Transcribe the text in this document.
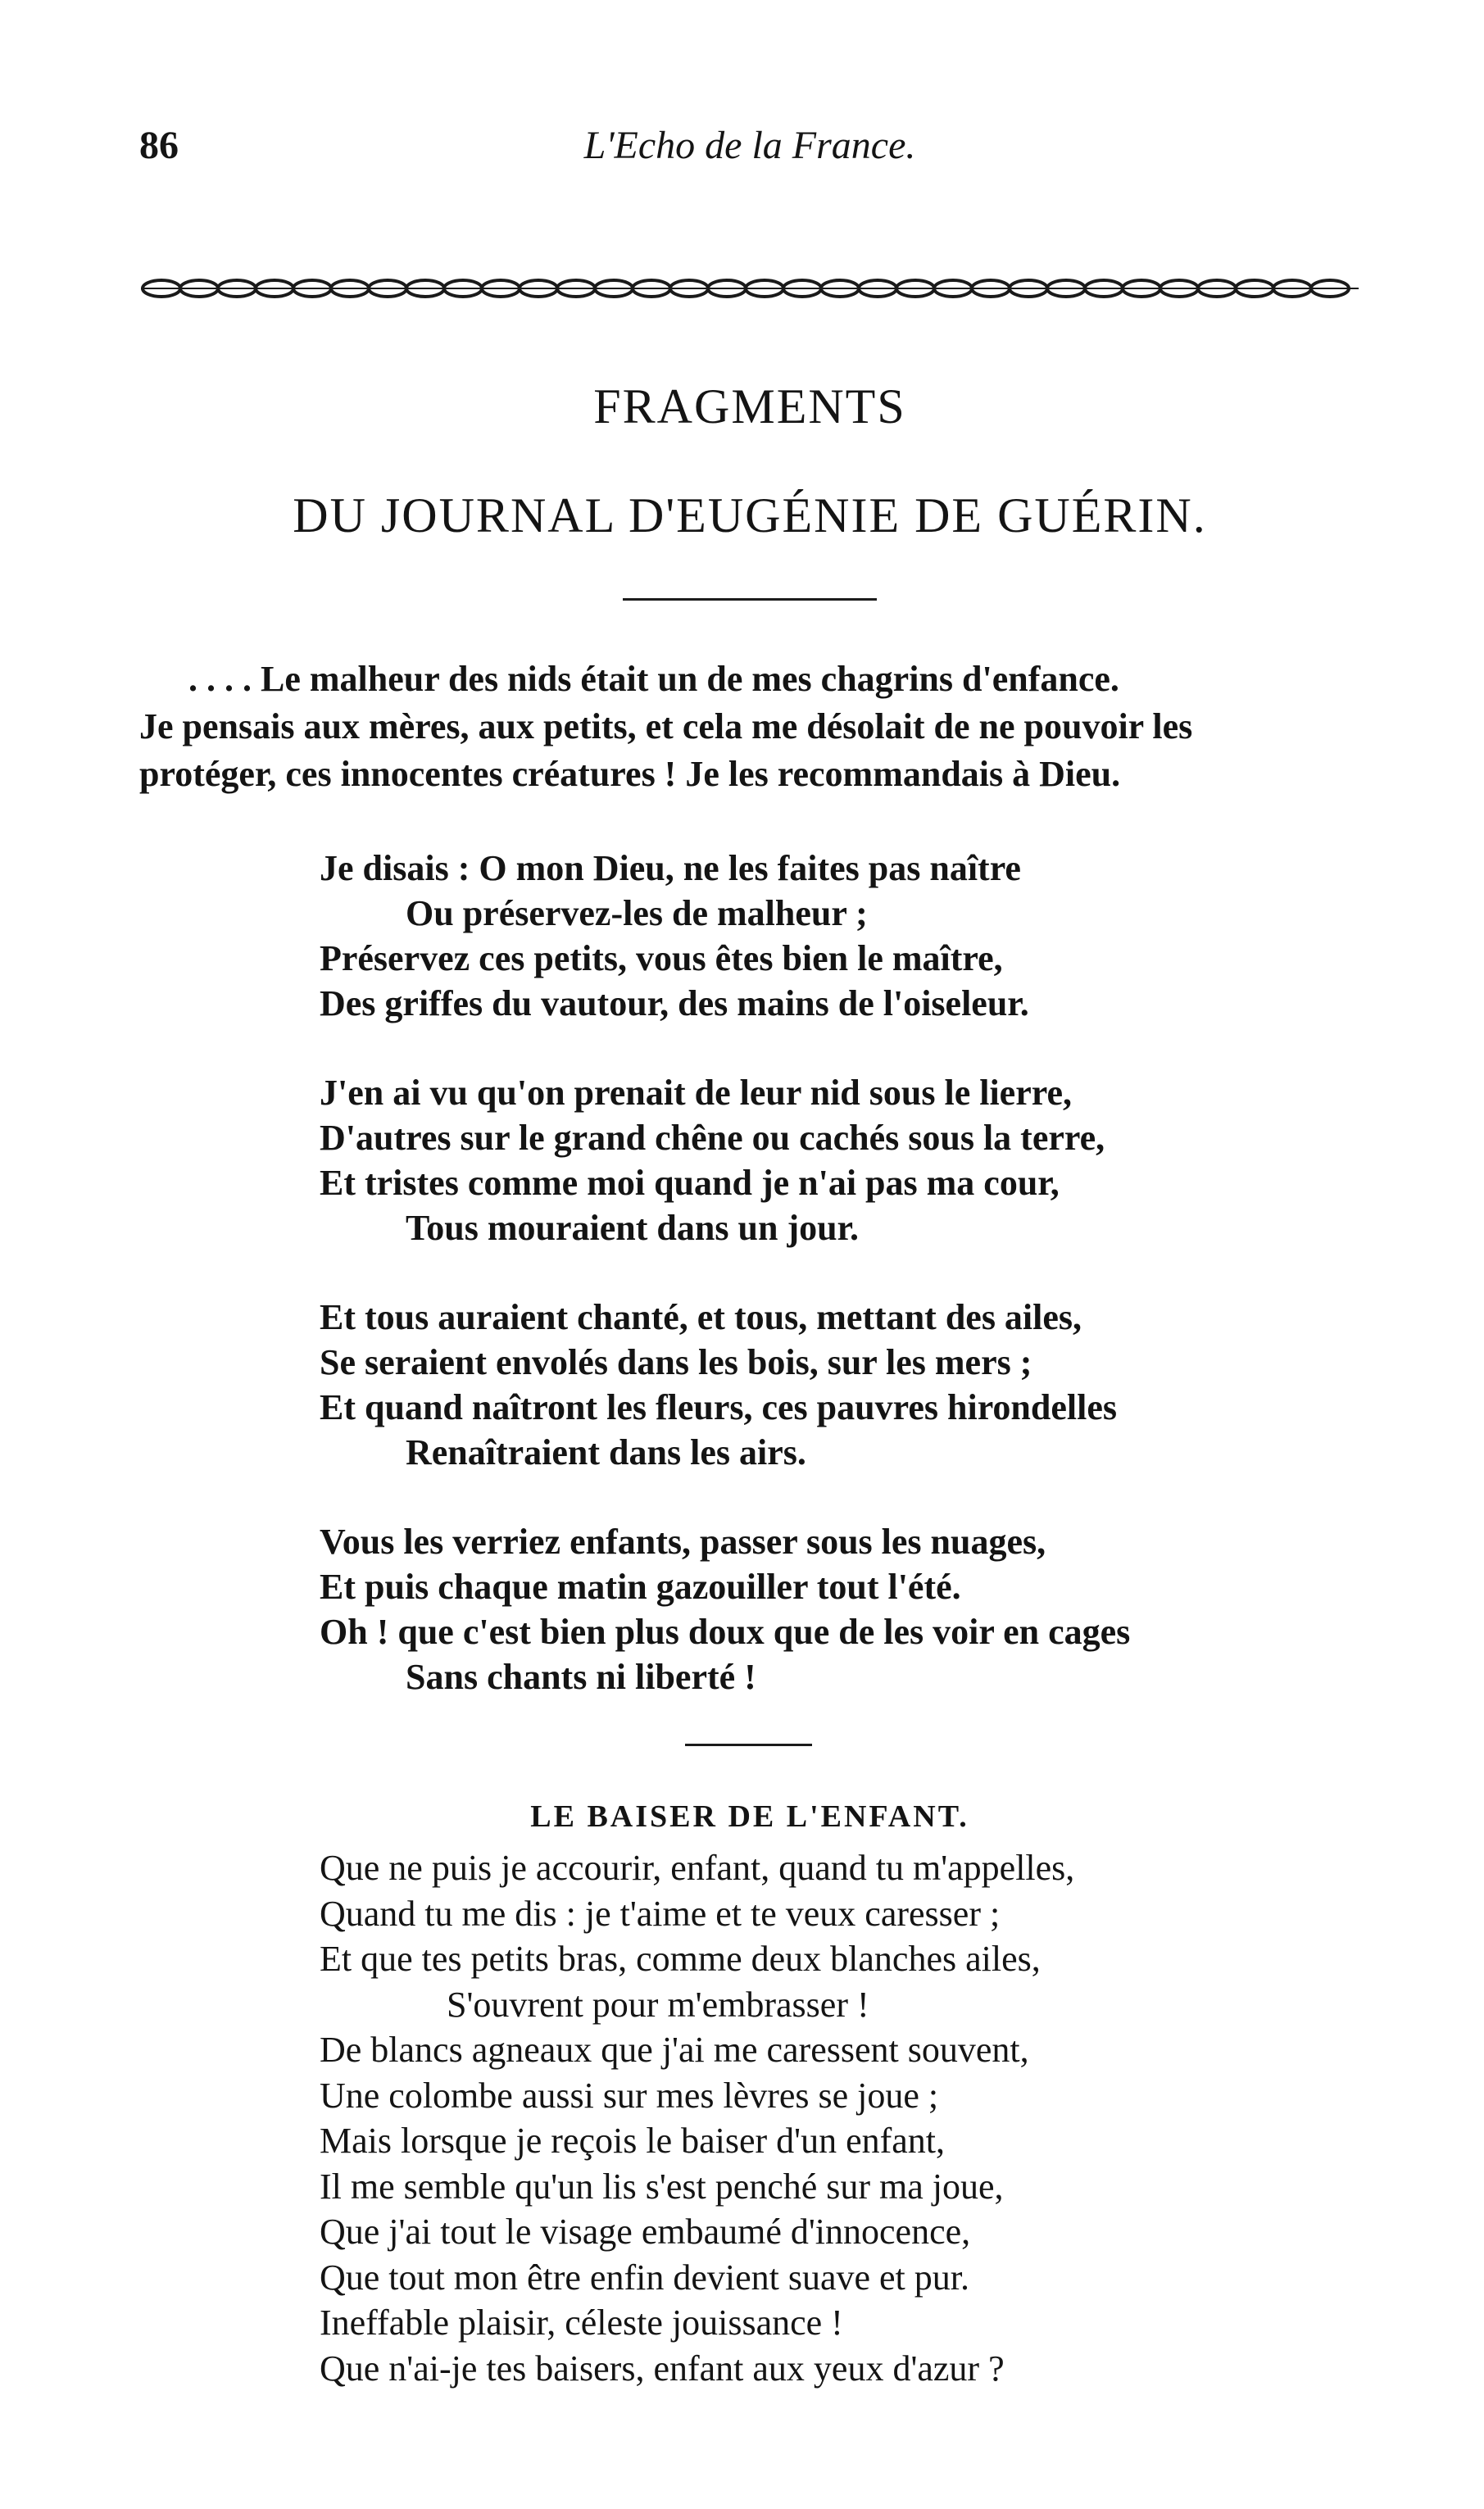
86	L'Echo de la France.
FRAGMENTS
DU JOURNAL D'EUGÉNIE DE GUÉRIN.
. . . . Le malheur des nids était un de mes chagrins d'enfance.
Je pensais aux mères, aux petits, et cela me désolait de ne pouvoir les
protéger, ces innocentes créatures ! Je les recommandais à Dieu.
Je disais : O mon Dieu, ne les faites pas naître
Ou préservez-les de malheur ;
Préservez ces petits, vous êtes bien le maître,
Des griffes du vautour, des mains de l'oiseleur.
J'en ai vu qu'on prenait de leur nid sous le lierre,
D'autres sur le grand chêne ou cachés sous la terre,
Et tristes comme moi quand je n'ai pas ma cour,
Tous mouraient dans un jour.
Et tous auraient chanté, et tous, mettant des ailes,
Se seraient envolés dans les bois, sur les mers ;
Et quand naîtront les fleurs, ces pauvres hirondelles
Renaîtraient dans les airs.
Vous les verriez enfants, passer sous les nuages,
Et puis chaque matin gazouiller tout l'été.
Oh ! que c'est bien plus doux que de les voir en cages
Sans chants ni liberté !
LE BAISER DE L'ENFANT.
Que ne puis je accourir, enfant, quand tu m'appelles,
Quand tu me dis : je t'aime et te veux caresser ;
Et que tes petits bras, comme deux blanches ailes,
S'ouvrent pour m'embrasser !
De blancs agneaux que j'ai me caressent souvent,
Une colombe aussi sur mes lèvres se joue ;
Mais lorsque je reçois le baiser d'un enfant,
Il me semble qu'un lis s'est penché sur ma joue,
Que j'ai tout le visage embaumé d'innocence,
Que tout mon être enfin devient suave et pur.
Ineffable plaisir, céleste jouissance !
Que n'ai-je tes baisers, enfant aux yeux d'azur ?
